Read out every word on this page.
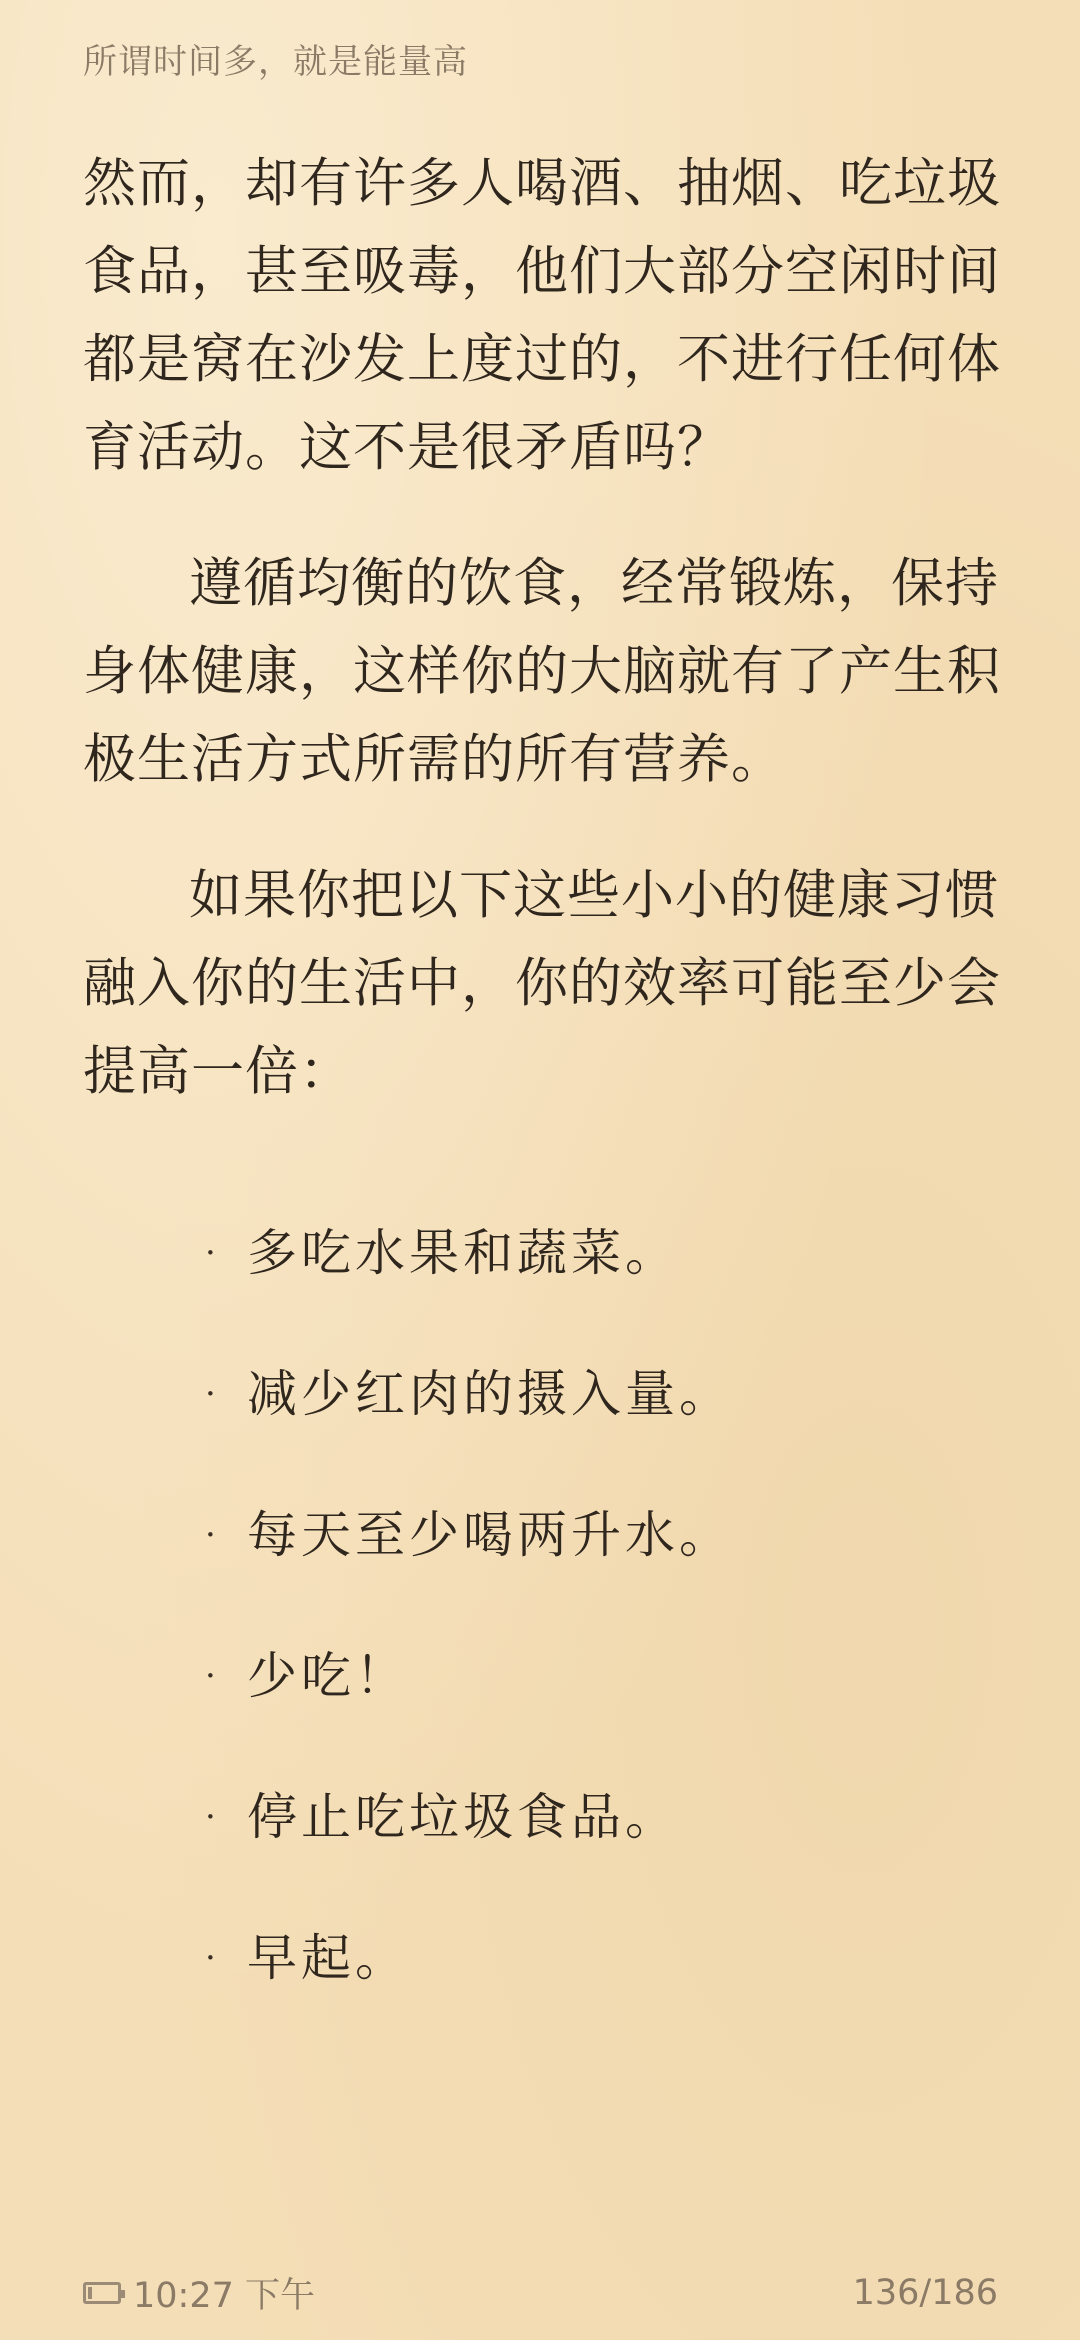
所谓时间多，就是能量高

然而，却有许多人喝酒、抽烟、吃垃圾食品，甚至吸毒，他们大部分空闲时间都是窝在沙发上度过的，不进行任何体育活动。这不是很矛盾吗？

遵循均衡的饮食，经常锻炼，保持身体健康，这样你的大脑就有了产生积极生活方式所需的所有营养。

如果你把以下这些小小的健康习惯融入你的生活中，你的效率可能至少会提高一倍：

· 多吃水果和蔬菜。
· 减少红肉的摄入量。
· 每天至少喝两升水。
· 少吃！
· 停止吃垃圾食品。
· 早起。
10:27 下午	136/186
